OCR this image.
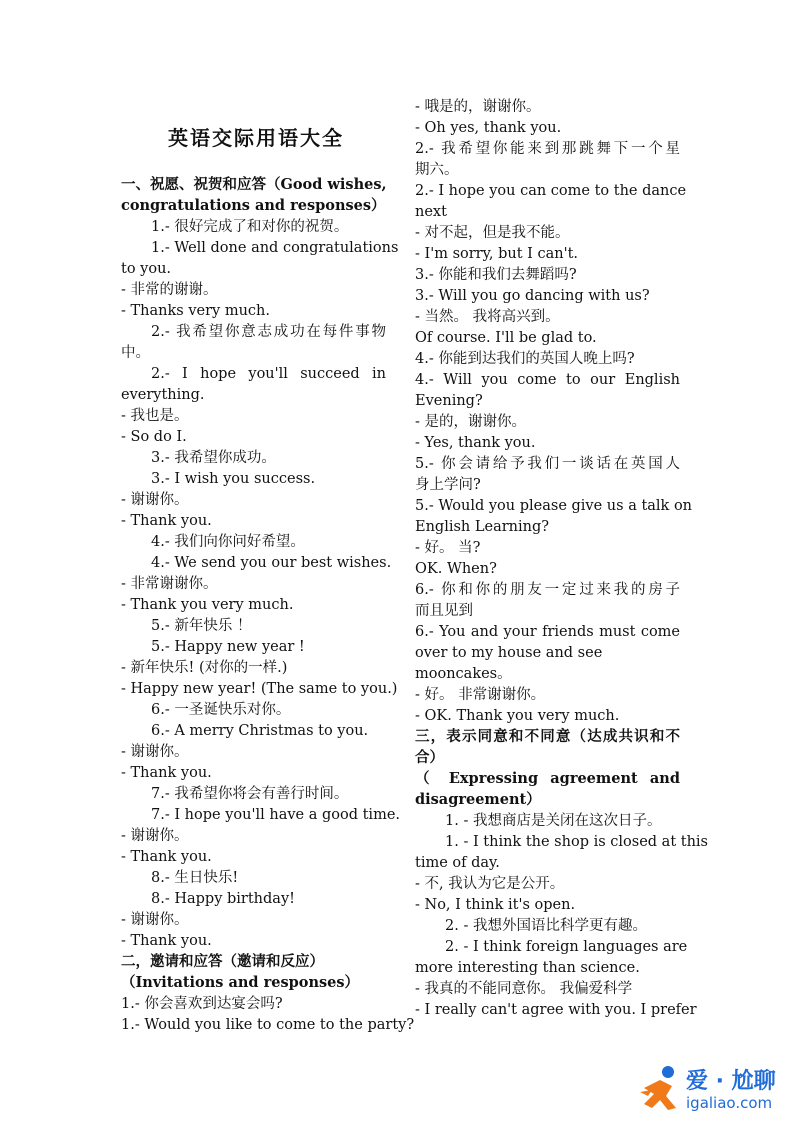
英语交际用语大全
一、祝愿、祝贺和应答（Good wishes,
congratulations and responses）
1.- 很好完成了和对你的祝贺。
1.- Well done and congratulations
to you.
- 非常的谢谢。
- Thanks very much.
2.- 我希望你意志成功在每件事物
中。
2.- I hope you'll succeed in
everything.
- 我也是。
- So do I.
3.- 我希望你成功。
3.- I wish you success.
- 谢谢你。
- Thank you.
4.- 我们向你问好希望。
4.- We send you our best wishes.
- 非常谢谢你。
- Thank you very much.
5.- 新年快乐 ！
5.- Happy new year !
- 新年快乐! (对你的一样.)
- Happy new year! (The same to you.)
6.- 一圣诞快乐对你。
6.- A merry Christmas to you.
- 谢谢你。
- Thank you.
7.- 我希望你将会有善行时间。
7.- I hope you'll have a good time.
- 谢谢你。
- Thank you.
8.- 生日快乐!
8.- Happy birthday!
- 谢谢你。
- Thank you.
二，邀请和应答（邀请和反应）
（Invitations and responses）
1.- 你会喜欢到达宴会吗?
1.- Would you like to come to the party?
- 哦是的，谢谢你。
- Oh yes, thank you.
2.- 我希望你能来到那跳舞下一个星
期六。
2.- I hope you can come to the dance
next
- 对不起，但是我不能。
- I'm sorry, but I can't.
3.- 你能和我们去舞蹈吗?
3.- Will you go dancing with us?
- 当然。 我将高兴到。
Of course. I'll be glad to.
4.- 你能到达我们的英国人晚上吗?
4.- Will you come to our English
Evening?
- 是的，谢谢你。
- Yes, thank you.
5.- 你会请给予我们一谈话在英国人
身上学问?
5.- Would you please give us a talk on
English Learning?
- 好。 当?
OK. When?
6.- 你和你的朋友一定过来我的房子
而且见到
6.- You and your friends must come
over to my house and see
mooncakes。
- 好。 非常谢谢你。
- OK. Thank you very much.
三，表示同意和不同意（达成共识和不
合）
（ Expressing agreement and
disagreement）
1. - 我想商店是关闭在这次日子。
1. - I think the shop is closed at this
time of day.
- 不, 我认为它是公开。
- No, I think it's open.
2. - 我想外国语比科学更有趣。
2. - I think foreign languages are
more interesting than science.
- 我真的不能同意你。 我偏爱科学
- I really can't agree with you. I prefer
爱 · 尬聊
igaliao.com
